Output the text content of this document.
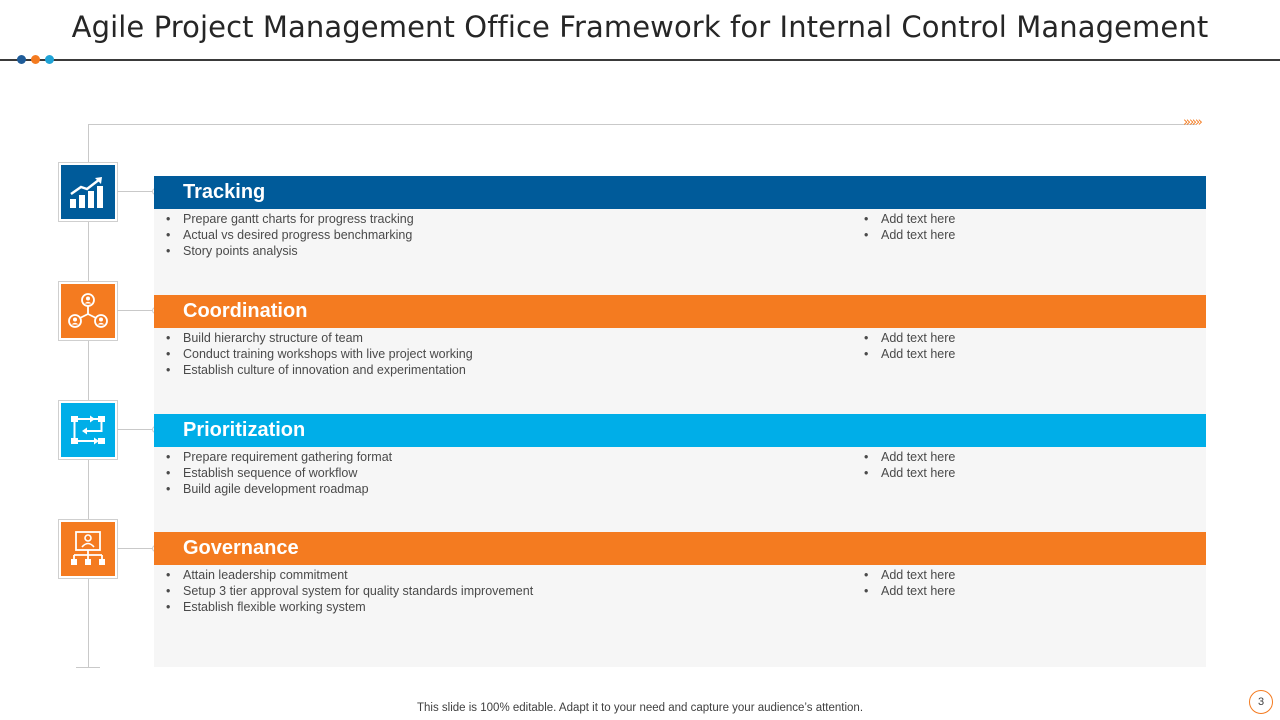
Agile Project Management Office Framework for Internal Control Management
»»»
Tracking
• Prepare gantt charts for progress tracking
• Actual vs desired progress benchmarking
• Story points analysis
• Add text here
• Add text here
Coordination
• Build hierarchy structure of team
• Conduct training workshops with live project working
• Establish culture of innovation and experimentation
• Add text here
• Add text here
Prioritization
• Prepare requirement gathering format
• Establish sequence of workflow
• Build agile development roadmap
• Add text here
• Add text here
Governance
• Attain leadership commitment
• Setup 3 tier approval system for quality standards improvement
• Establish flexible working system
• Add text here
• Add text here
This slide is 100% editable. Adapt it to your need and capture your audience’s attention.	3
